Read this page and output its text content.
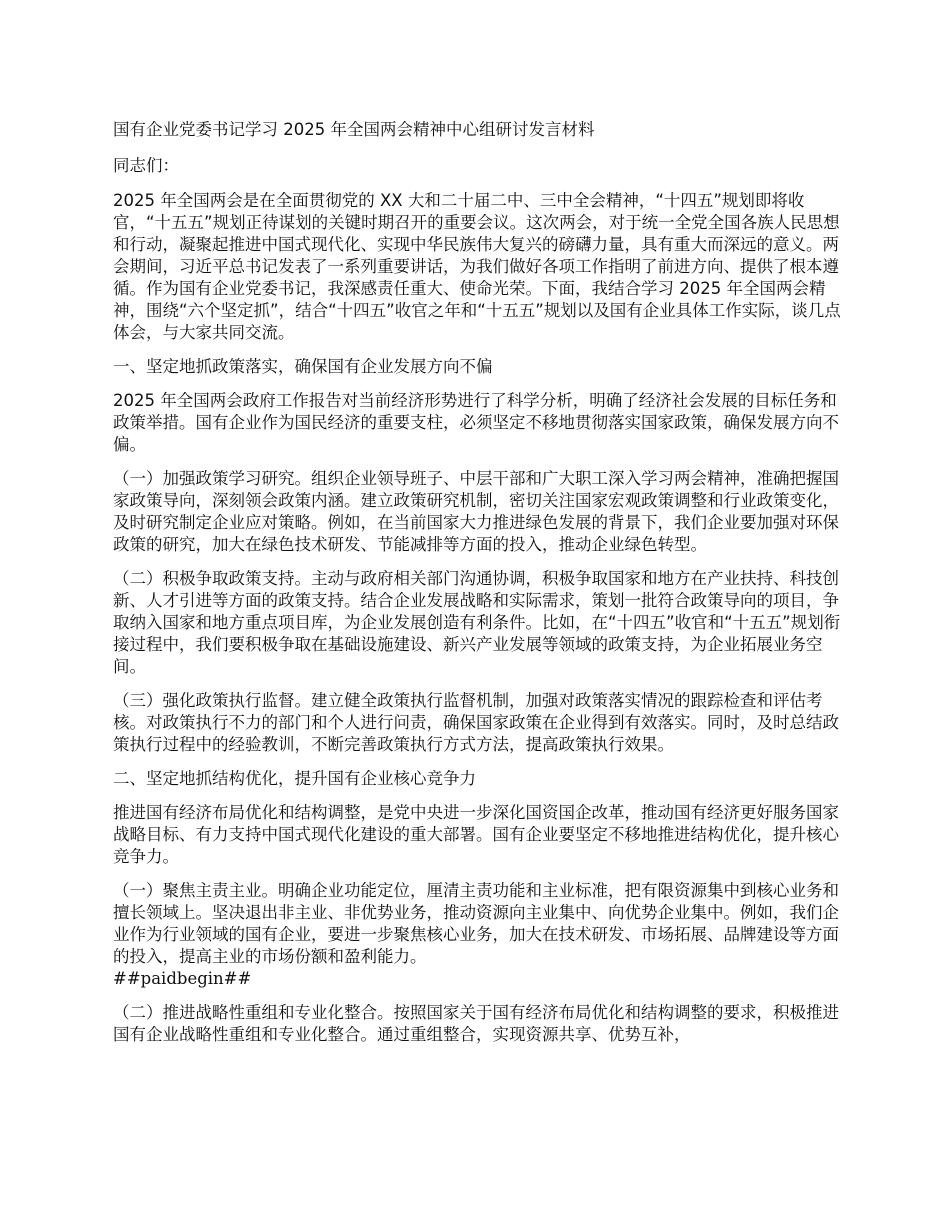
国有企业党委书记学习 2025 年全国两会精神中心组研讨发言材料
同志们：
2025 年全国两会是在全面贯彻党的 XX 大和二十届二中、三中全会精神，“十四五”规划即将收官，“十五五”规划正待谋划的关键时期召开的重要会议。这次两会，对于统一全党全国各族人民思想和行动，凝聚起推进中国式现代化、实现中华民族伟大复兴的磅礴力量，具有重大而深远的意义。两会期间，习近平总书记发表了一系列重要讲话，为我们做好各项工作指明了前进方向、提供了根本遵循。作为国有企业党委书记，我深感责任重大、使命光荣。下面，我结合学习 2025 年全国两会精神，围绕“六个坚定抓”，结合“十四五”收官之年和“十五五”规划以及国有企业具体工作实际，谈几点体会，与大家共同交流。
一、坚定地抓政策落实，确保国有企业发展方向不偏
2025 年全国两会政府工作报告对当前经济形势进行了科学分析，明确了经济社会发展的目标任务和政策举措。国有企业作为国民经济的重要支柱，必须坚定不移地贯彻落实国家政策，确保发展方向不偏。
（一）加强政策学习研究。组织企业领导班子、中层干部和广大职工深入学习两会精神，准确把握国家政策导向，深刻领会政策内涵。建立政策研究机制，密切关注国家宏观政策调整和行业政策变化，及时研究制定企业应对策略。例如，在当前国家大力推进绿色发展的背景下，我们企业要加强对环保政策的研究，加大在绿色技术研发、节能减排等方面的投入，推动企业绿色转型。
（二）积极争取政策支持。主动与政府相关部门沟通协调，积极争取国家和地方在产业扶持、科技创新、人才引进等方面的政策支持。结合企业发展战略和实际需求，策划一批符合政策导向的项目，争取纳入国家和地方重点项目库，为企业发展创造有利条件。比如，在“十四五”收官和“十五五”规划衔接过程中，我们要积极争取在基础设施建设、新兴产业发展等领域的政策支持，为企业拓展业务空间。
（三）强化政策执行监督。建立健全政策执行监督机制，加强对政策落实情况的跟踪检查和评估考核。对政策执行不力的部门和个人进行问责，确保国家政策在企业得到有效落实。同时，及时总结政策执行过程中的经验教训，不断完善政策执行方式方法，提高政策执行效果。
二、坚定地抓结构优化，提升国有企业核心竞争力
推进国有经济布局优化和结构调整，是党中央进一步深化国资国企改革，推动国有经济更好服务国家战略目标、有力支持中国式现代化建设的重大部署。国有企业要坚定不移地推进结构优化，提升核心竞争力。
（一）聚焦主责主业。明确企业功能定位，厘清主责功能和主业标准，把有限资源集中到核心业务和擅长领域上。坚决退出非主业、非优势业务，推动资源向主业集中、向优势企业集中。例如，我们企业作为行业领域的国有企业，要进一步聚焦核心业务，加大在技术研发、市场拓展、品牌建设等方面的投入，提高主业的市场份额和盈利能力。
##paidbegin##
（二）推进战略性重组和专业化整合。按照国家关于国有经济布局优化和结构调整的要求，积极推进国有企业战略性重组和专业化整合。通过重组整合，实现资源共享、优势互补，
